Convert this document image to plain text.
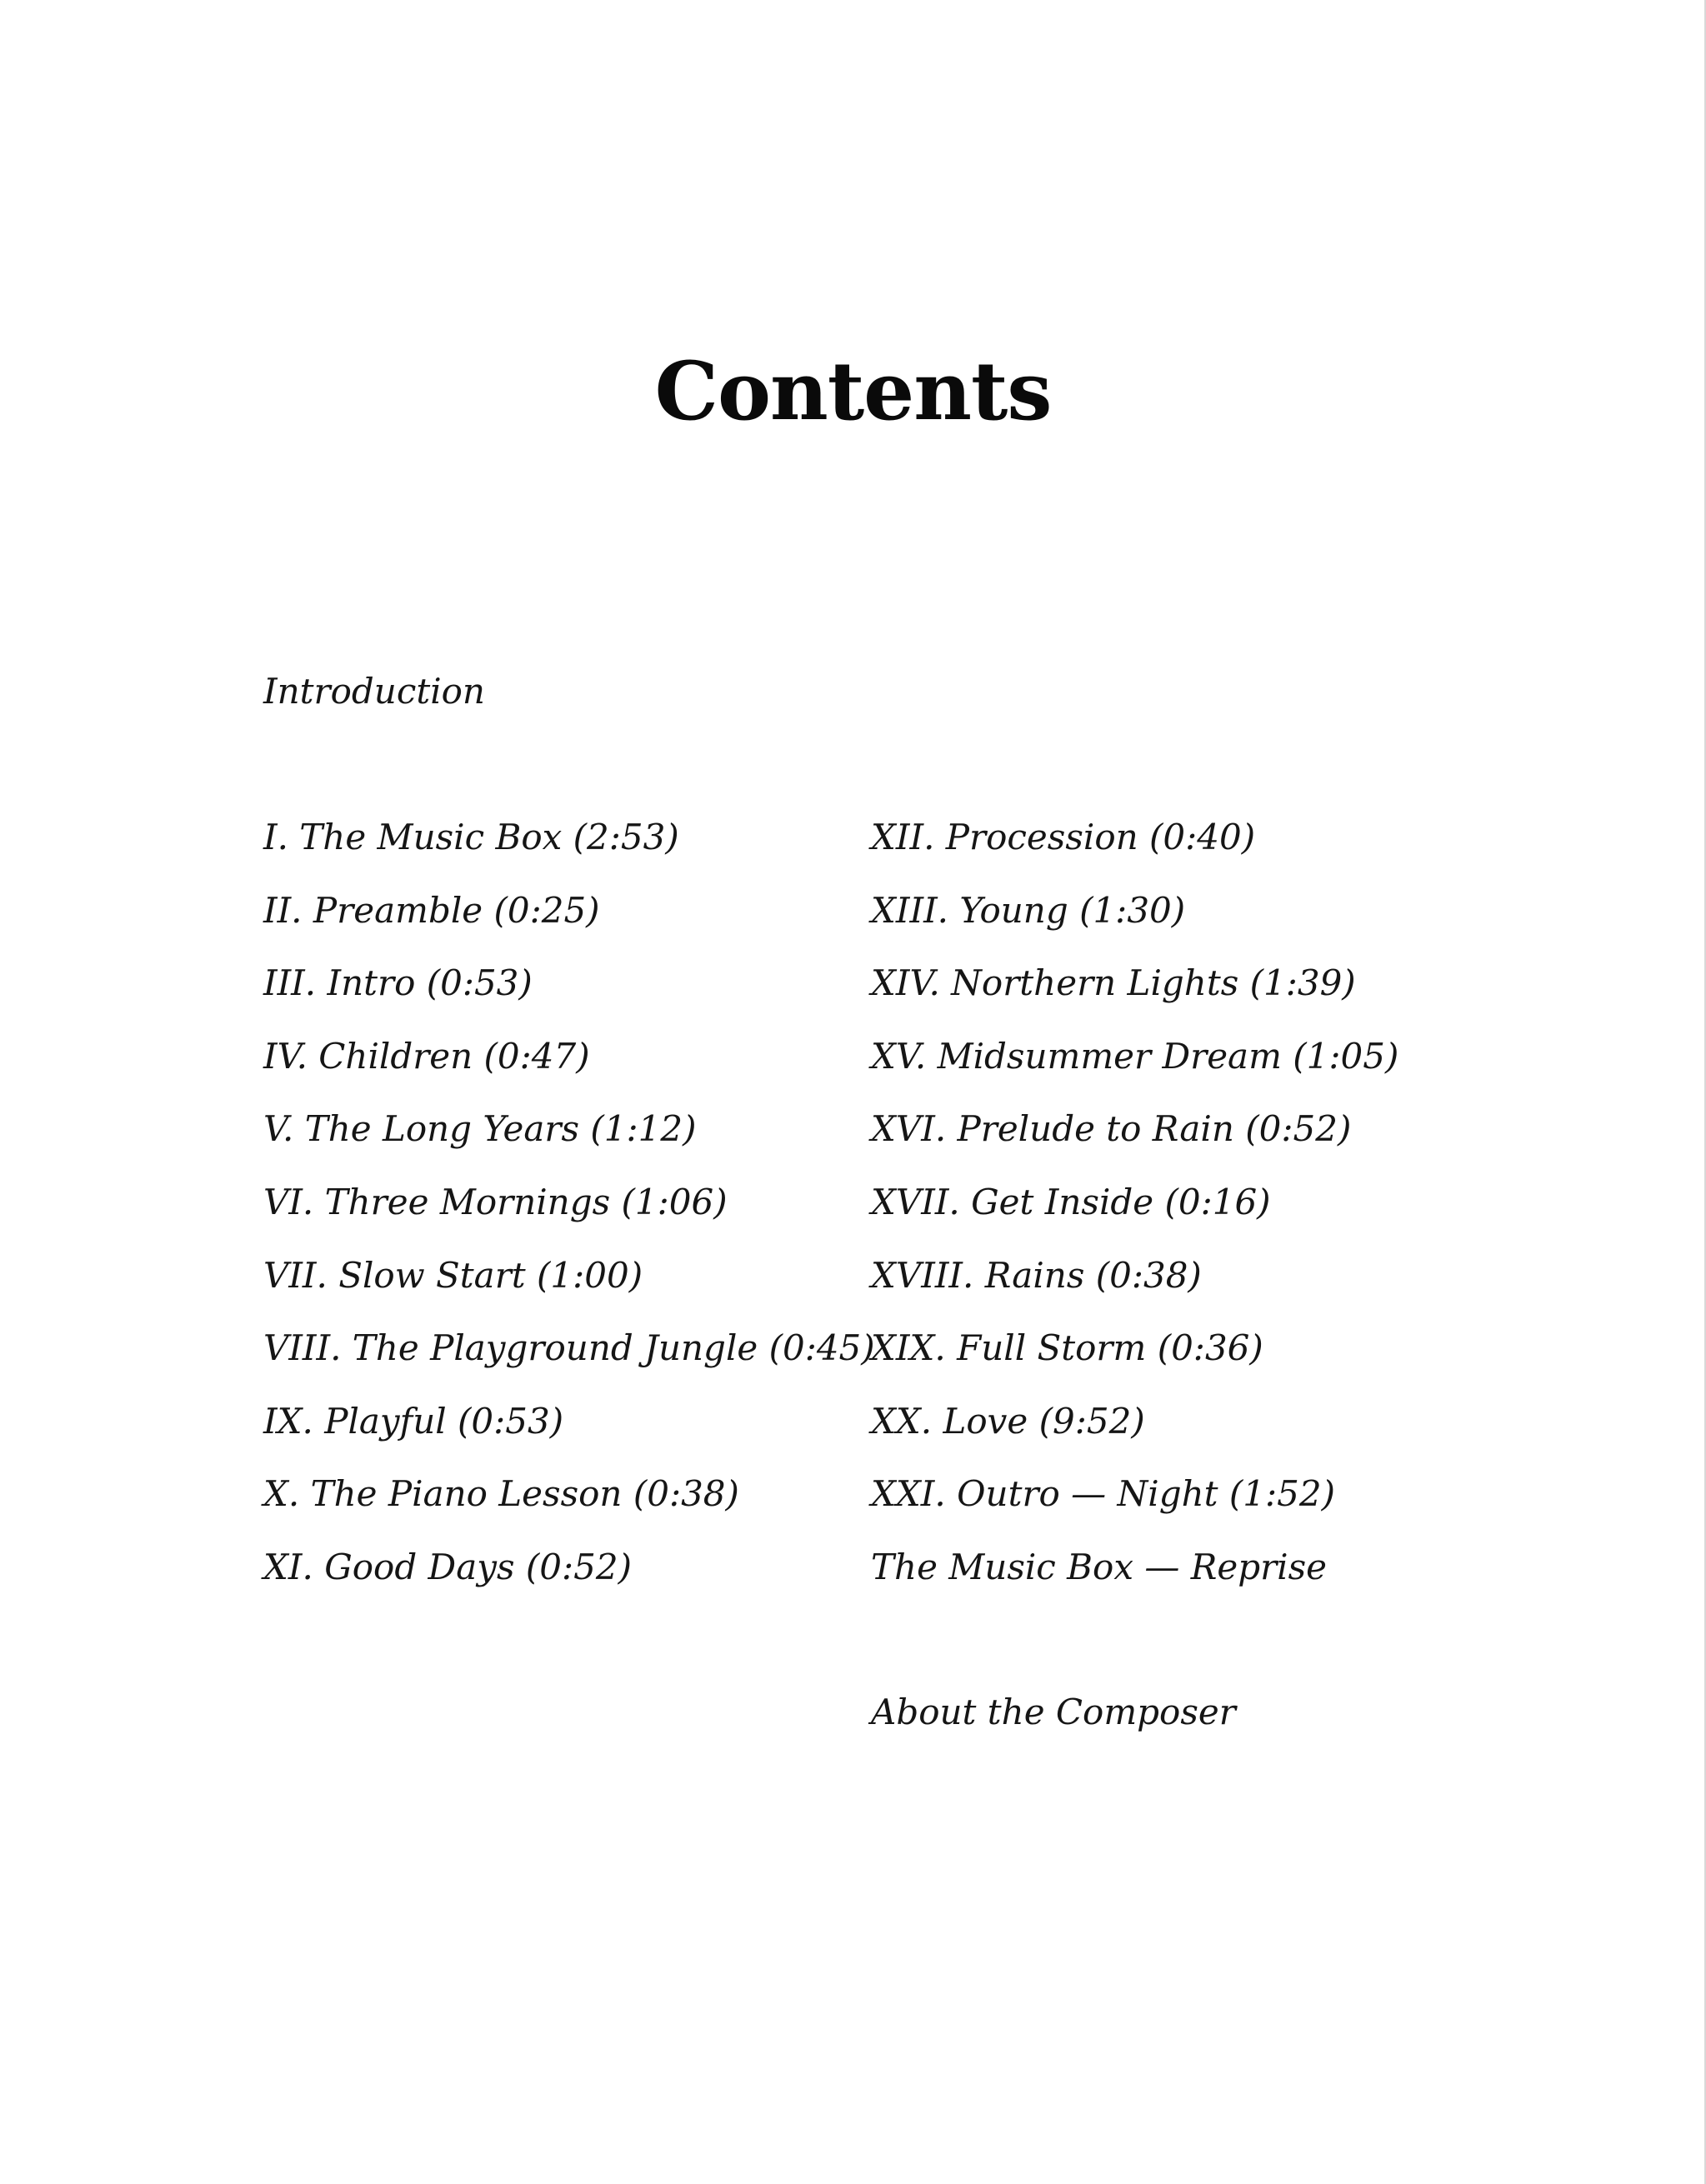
Contents
Introduction
I. The Music Box (2:53)
II. Preamble (0:25)
III. Intro (0:53)
IV. Children (0:47)
V. The Long Years (1:12)
VI. Three Mornings (1:06)
VII. Slow Start (1:00)
VIII. The Playground Jungle (0:45)
IX. Playful (0:53)
X. The Piano Lesson (0:38)
XI. Good Days (0:52)
XII. Procession (0:40)
XIII. Young (1:30)
XIV. Northern Lights (1:39)
XV. Midsummer Dream (1:05)
XVI. Prelude to Rain (0:52)
XVII. Get Inside (0:16)
XVIII. Rains (0:38)
XIX. Full Storm (0:36)
XX. Love (9:52)
XXI. Outro — Night (1:52)
The Music Box — Reprise
About the Composer
